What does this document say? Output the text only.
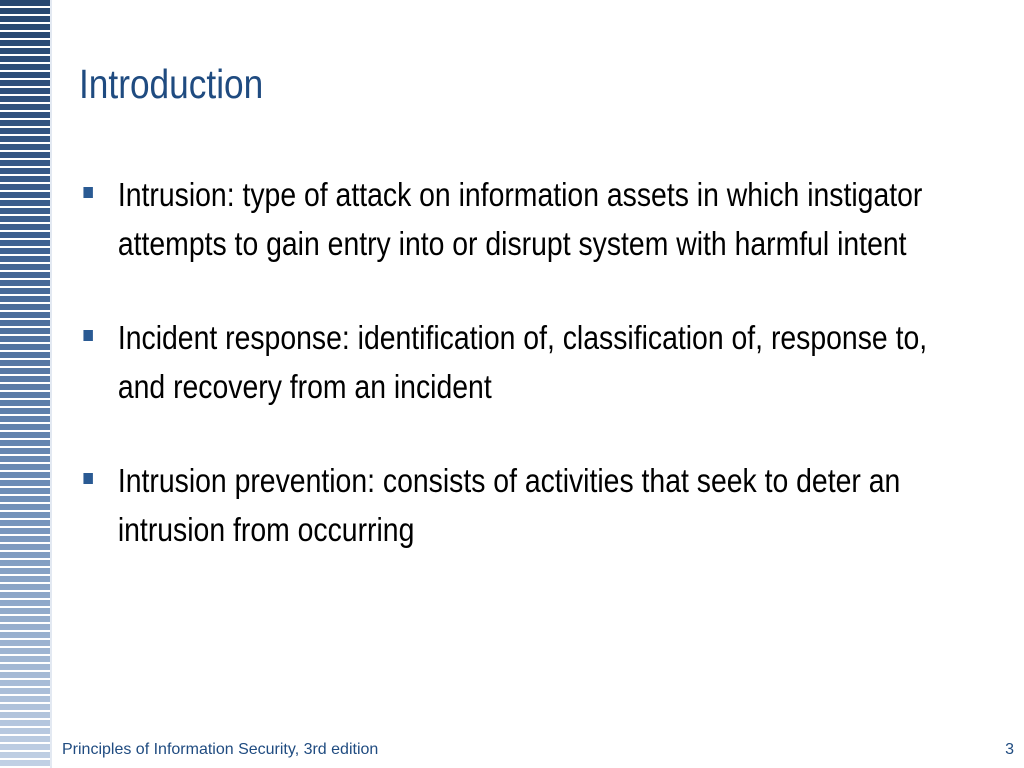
Introduction
Intrusion: type of attack on information assets in which instigator attempts to gain entry into or disrupt system with harmful intent
Incident response: identification of, classification of, response to, and recovery from an incident
Intrusion prevention: consists of activities that seek to deter an intrusion from occurring
Principles of Information Security, 3rd edition	3
